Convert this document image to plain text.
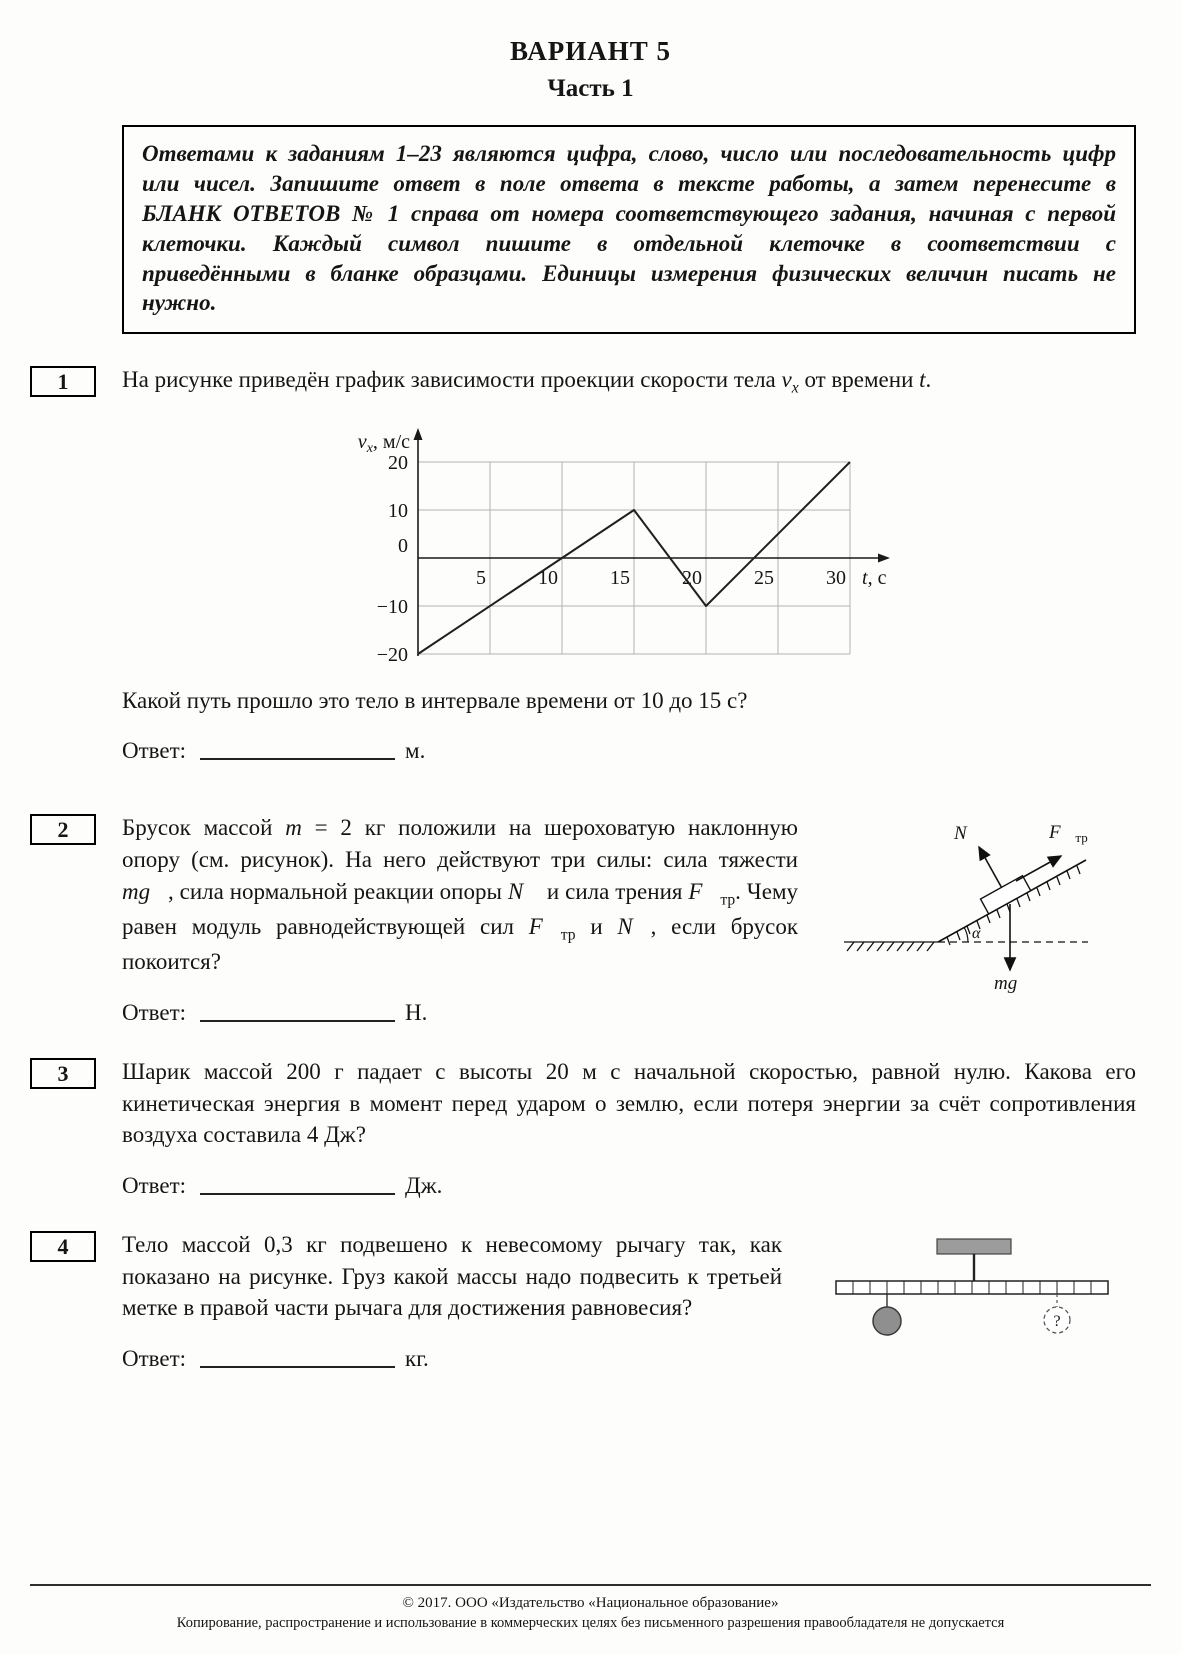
ВАРИАНТ 5
Часть 1
Ответами к заданиям 1–23 являются цифра, слово, число или последовательность цифр или чисел. Запишите ответ в поле ответа в тексте работы, а затем перенесите в БЛАНК ОТВЕТОВ № 1 справа от номера соответствующего задания, начиная с первой клеточки. Каждый символ пишите в отдельной клеточке в соответствии с приведёнными в бланке образцами. Единицы измерения физических величин писать не нужно.
1	На рисунке приведён график зависимости проекции скорости тела $v_x$ от времени t.

20
10
0
−10
−20
5	10	15	20	25	30
$v_x$, м/с
t, с

Какой путь прошло это тело в интервале времени от 10 до 15 с?

Ответ:	м.

2	Брусок массой m = 2 кг положили на шероховатую наклонную опору (см. рисунок). На него действуют три силы: сила тяжести mg⃗, сила нормальной реакции опоры N⃗ и сила трения $F⃗_{тр}$. Чему равен модуль равнодействующей сил $F⃗_{тр}$ и N⃗, если брусок покоится?

Ответ:	Н.

α
mg⃗
N⃗	$F⃗_{тр}$
3	Шарик массой 200 г падает с высоты 20 м с начальной скоростью, равной нулю. Какова его кинетическая энергия в момент перед ударом о землю, если потеря энергии за счёт сопротивления воздуха составила 4 Дж?

Ответ:	Дж.

4	Тело массой 0,3 кг подвешено к невесомому рычагу так, как показано на рисунке. Груз какой массы надо подвесить к третьей метке в правой части рычага для достижения равновесия?

Ответ:	кг.

?
© 2017. ООО «Издательство «Национальное образование»
Копирование, распространение и использование в коммерческих целях без письменного разрешения правообладателя не допускается
